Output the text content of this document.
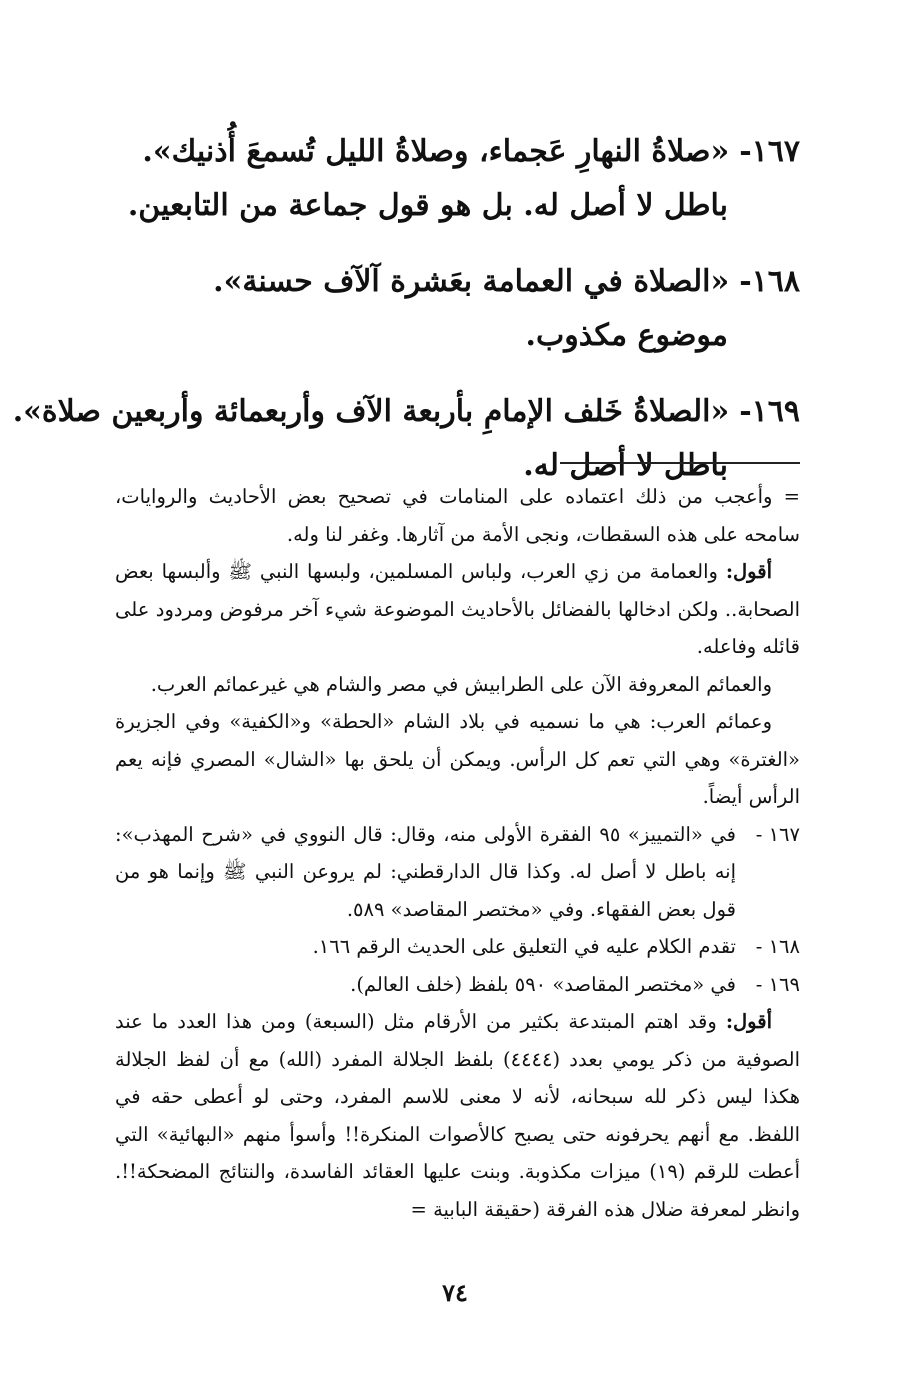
١٦٧-
«صلاةُ النهارِ عَجماء، وصلاةُ الليل تُسمعَ أُذنيك».
باطل لا أصل له. بل هو قول جماعة من التابعين.
١٦٨-
«الصلاة في العمامة بعَشرة آلآف حسنة».
موضوع مكذوب.
١٦٩-
«الصلاةُ خَلف الإمامِ بأربعة الآف وأربعمائة وأربعين صلاة».
باطل لا أصل له.
= وأعجب من ذلك اعتماده على المنامات في تصحيح بعض الأحاديث والروايات، سامحه على هذه السقطات، ونجى الأمة من آثارها. وغفر لنا وله.
أقول: والعمامة من زي العرب، ولباس المسلمين، ولبسها النبي ﷺ وألبسها بعض الصحابة.. ولكن ادخالها بالفضائل بالأحاديث الموضوعة شيء آخر مرفوض ومردود على قائله وفاعله.
والعمائم المعروفة الآن على الطرابيش في مصر والشام هي غيرعمائم العرب.
وعمائم العرب: هي ما نسميه في بلاد الشام «الحطة» و«الكفية» وفي الجزيرة «الغترة» وهي التي تعم كل الرأس. ويمكن أن يلحق بها «الشال» المصري فإنه يعم الرأس أيضاً.
١٦٧ -
في «التمييز» ٩٥ الفقرة الأولى منه، وقال: قال النووي في «شرح المهذب»: إنه باطل لا أصل له. وكذا قال الدارقطني: لم يروعن النبي ﷺ وإنما هو من قول بعض الفقهاء. وفي «مختصر المقاصد» ٥٨٩.
١٦٨ -
تقدم الكلام عليه في التعليق على الحديث الرقم ١٦٦.
١٦٩ -
في «مختصر المقاصد» ٥٩٠ بلفظ (خلف العالم).
أقول: وقد اهتم المبتدعة بكثير من الأرقام مثل (السبعة) ومن هذا العدد ما عند الصوفية من ذكر يومي بعدد (٤٤٤٤) بلفظ الجلالة المفرد (الله) مع أن لفظ الجلالة هكذا ليس ذكر لله سبحانه، لأنه لا معنى للاسم المفرد، وحتى لو أعطى حقه في اللفظ. مع أنهم يحرفونه حتى يصبح كالأصوات المنكرة!! وأسوأ منهم «البهائية» التي أعطت للرقم (١٩) ميزات مكذوبة. وبنت عليها العقائد الفاسدة، والنتائج المضحكة!!. وانظر لمعرفة ضلال هذه الفرقة (حقيقة البابية =
٧٤
